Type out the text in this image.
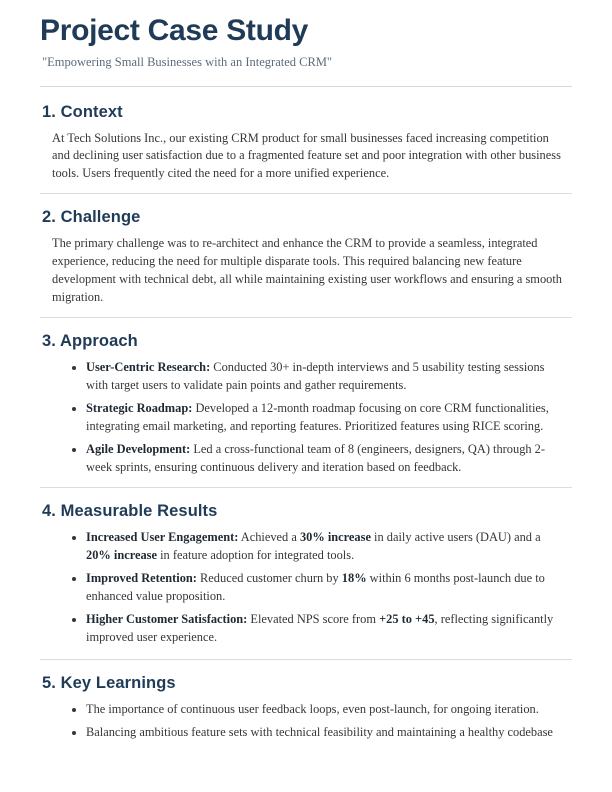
Project Case Study
"Empowering Small Businesses with an Integrated CRM"
1. Context

At Tech Solutions Inc., our existing CRM product for small businesses faced increasing competition and declining user satisfaction due to a fragmented feature set and poor integration with other business tools. Users frequently cited the need for a more unified experience.

2. Challenge

The primary challenge was to re-architect and enhance the CRM to provide a seamless, integrated experience, reducing the need for multiple disparate tools. This required balancing new feature development with technical debt, all while maintaining existing user workflows and ensuring a smooth migration.

3. Approach
• User-Centric Research: Conducted 30+ in-depth interviews and 5 usability testing sessions with target users to validate pain points and gather requirements.
• Strategic Roadmap: Developed a 12-month roadmap focusing on core CRM functionalities, integrating email marketing, and reporting features. Prioritized features using RICE scoring.
• Agile Development: Led a cross-functional team of 8 (engineers, designers, QA) through 2-week sprints, ensuring continuous delivery and iteration based on feedback.
4. Measurable Results
• Increased User Engagement: Achieved a 30% increase in daily active users (DAU) and a 20% increase in feature adoption for integrated tools.
• Improved Retention: Reduced customer churn by 18% within 6 months post-launch due to enhanced value proposition.
• Higher Customer Satisfaction: Elevated NPS score from +25 to +45, reflecting significantly improved user experience.
5. Key Learnings
• The importance of continuous user feedback loops, even post-launch, for ongoing iteration.
• Balancing ambitious feature sets with technical feasibility and maintaining a healthy codebase
